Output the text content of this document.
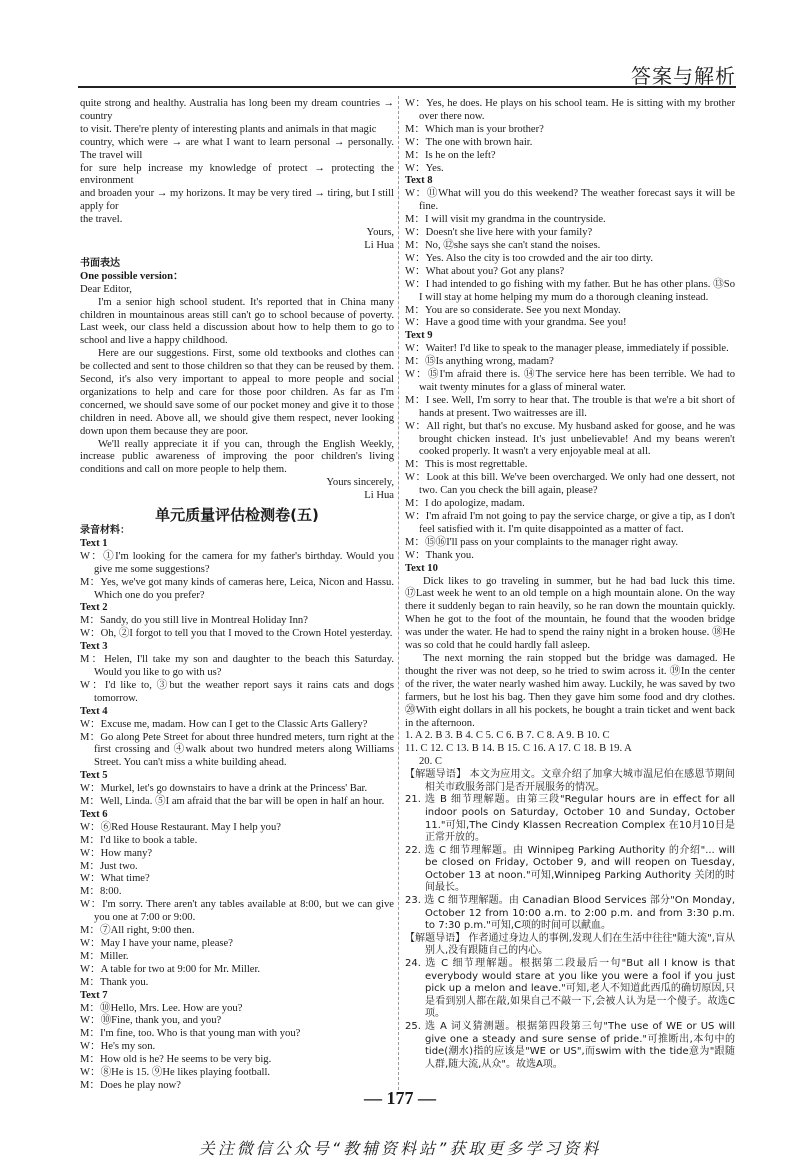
答案与解析

quite strong and healthy. Australia has long been my dream countries → country

to visit. There're plenty of interesting plants and animals in that magic

country, which were → are what I want to learn personal → personally. The travel will

for sure help increase my knowledge of protect → protecting the environment

and broaden your → my horizons. It may be very tired → tiring, but I still apply for

the travel.

Yours,

Li Hua

书面表达

One possible version：

Dear Editor,

I'm a senior high school student. It's reported that in China many children in mountainous areas still can't go to school because of poverty. Last week, our class held a discussion about how to help them to go to school and live a happy childhood.

Here are our suggestions. First, some old textbooks and clothes can be collected and sent to those children so that they can be reused by them. Second, it's also very important to appeal to more people and social organizations to help and care for those poor children. As far as I'm concerned, we should save some of our pocket money and give it to those children in need. Above all, we should give them respect, never looking down upon them because they are poor.

We'll really appreciate it if you can, through the English Weekly, increase public awareness of improving the poor children's living conditions and call on more people to help them.

Yours sincerely,

Li Hua

单元质量评估检测卷(五)

录音材料：

Text 1

W：①I'm looking for the camera for my father's birthday. Would you give me some suggestions?

M：Yes, we've got many kinds of cameras here, Leica, Nicon and Hassu. Which one do you prefer?

Text 2

M：Sandy, do you still live in Montreal Holiday Inn?

W：Oh, ②I forgot to tell you that I moved to the Crown Hotel yesterday.

Text 3

M：Helen, I'll take my son and daughter to the beach this Saturday. Would you like to go with us?

W：I'd like to, ③but the weather report says it rains cats and dogs tomorrow.

Text 4

W：Excuse me, madam. How can I get to the Classic Arts Gallery?

M：Go along Pete Street for about three hundred meters, turn right at the first crossing and ④walk about two hundred meters along Williams Street. You can't miss a white building ahead.

Text 5

W：Murkel, let's go downstairs to have a drink at the Princess' Bar.

M：Well, Linda. ⑤I am afraid that the bar will be open in half an hour.

Text 6

W：⑥Red House Restaurant. May I help you?

M：I'd like to book a table.

W：How many?

M：Just two.

W：What time?

M：8:00.

W：I'm sorry. There aren't any tables available at 8:00, but we can give you one at 7:00 or 9:00.

M：⑦All right, 9:00 then.

W：May I have your name, please?

M：Miller.

W：A table for two at 9:00 for Mr. Miller.

M：Thank you.

Text 7

M：⑩Hello, Mrs. Lee. How are you?

W：⑩Fine, thank you, and you?

M：I'm fine, too. Who is that young man with you?

W：He's my son.

M：How old is he? He seems to be very big.

W：⑧He is 15. ⑨He likes playing football.

M：Does he play now?

W：Yes, he does. He plays on his school team. He is sitting with my brother over there now.

M：Which man is your brother?

W：The one with brown hair.

M：Is he on the left?

W：Yes.

Text 8

W：⑪What will you do this weekend? The weather forecast says it will be fine.

M：I will visit my grandma in the countryside.

W：Doesn't she live here with your family?

M：No, ⑫she says she can't stand the noises.

W：Yes. Also the city is too crowded and the air too dirty.

W：What about you? Got any plans?

W：I had intended to go fishing with my father. But he has other plans. ⑬So I will stay at home helping my mum do a thorough cleaning instead.

M：You are so considerate. See you next Monday.

W：Have a good time with your grandma. See you!

Text 9

W：Waiter! I'd like to speak to the manager please, immediately if possible.

M：⑮Is anything wrong, madam?

W：⑮I'm afraid there is. ⑭The service here has been terrible. We had to wait twenty minutes for a glass of mineral water.

M：I see. Well, I'm sorry to hear that. The trouble is that we're a bit short of hands at present. Two waitresses are ill.

W：All right, but that's no excuse. My husband asked for goose, and he was brought chicken instead. It's just unbelievable! And my beans weren't cooked properly. It wasn't a very enjoyable meal at all.

M：This is most regrettable.

W：Look at this bill. We've been overcharged. We only had one dessert, not two. Can you check the bill again, please?

M：I do apologize, madam.

W：I'm afraid I'm not going to pay the service charge, or give a tip, as I don't feel satisfied with it. I'm quite disappointed as a matter of fact.

M：⑮⑯I'll pass on your complaints to the manager right away.

W：Thank you.

Text 10

Dick likes to go traveling in summer, but he had bad luck this time. ⑰Last week he went to an old temple on a high mountain alone. On the way there it suddenly began to rain heavily, so he ran down the mountain quickly. When he got to the foot of the mountain, he found that the wooden bridge was under the water. He had to spend the rainy night in a broken house. ⑱He was so cold that he could hardly fall asleep.

The next morning the rain stopped but the bridge was damaged. He thought the river was not deep, so he tried to swim across it. ⑲In the center of the river, the water nearly washed him away. Luckily, he was saved by two farmers, but he lost his bag. Then they gave him some food and dry clothes. ⑳With eight dollars in all his pockets, he bought a train ticket and went back in the afternoon.

1. A 2. B 3. B 4. C 5. C 6. B 7. C 8. A 9. B 10. C

11. C 12. C 13. B 14. B 15. C 16. A 17. C 18. B 19. A

20. C

【解题导语】 本文为应用文。文章介绍了加拿大城市温尼伯在感恩节期间相关市政服务部门是否开展服务的情况。

21. 选 B 细节理解题。由第三段"Regular hours are in effect for all indoor pools on Saturday, October 10 and Sunday, October 11."可知,The Cindy Klassen Recreation Complex 在10月10日是正常开放的。

22. 选 C 细节理解题。由 Winnipeg Parking Authority 的介绍"... will be closed on Friday, October 9, and will reopen on Tuesday, October 13 at noon."可知,Winnipeg Parking Authority 关闭的时间最长。

23. 选 C 细节理解题。由 Canadian Blood Services 部分"On Monday, October 12 from 10:00 a.m. to 2:00 p.m. and from 3:30 p.m. to 7:30 p.m."可知,C项的时间可以献血。

【解题导语】 作者通过身边人的事例,发现人们在生活中往往"随大流",盲从别人,没有跟随自己的内心。

24. 选 C 细节理解题。根据第二段最后一句"But all I know is that everybody would stare at you like you were a fool if you just pick up a melon and leave."可知,老人不知道此西瓜的确切原因,只是看到别人都在敲,如果自己不敲一下,会被人认为是一个傻子。故选C项。

25. 选 A 词义猜测题。根据第四段第三句"The use of WE or US will give one a steady and sure sense of pride."可推断出,本句中的tide(潮水)指的应该是"WE or US",而swim with the tide意为"跟随人群,随大流,从众"。故选A项。

— 177 —
关注微信公众号“教辅资料站”获取更多学习资料
